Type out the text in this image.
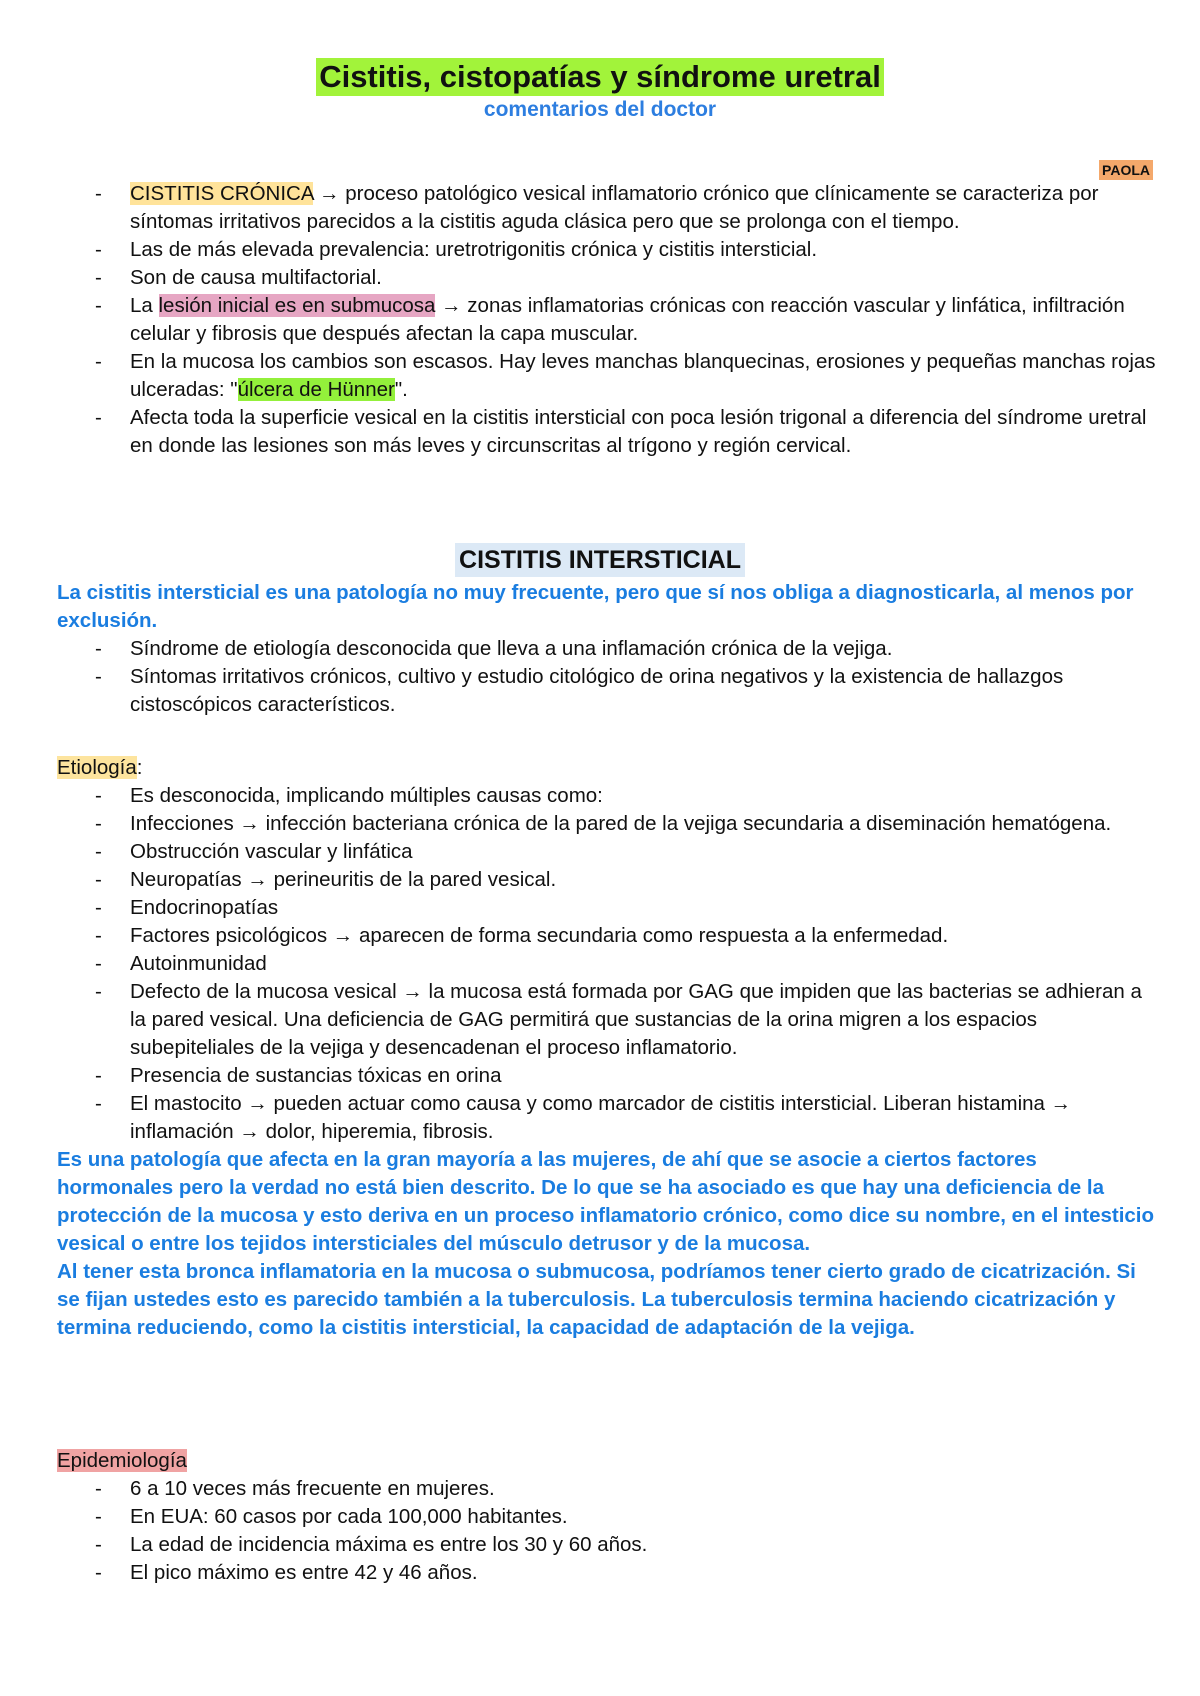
Cistitis, cistopatías y síndrome uretral
comentarios del doctor
PAOLA
- CISTITIS CRÓNICA → proceso patológico vesical inflamatorio crónico que clínicamente se caracteriza por síntomas irritativos parecidos a la cistitis aguda clásica pero que se prolonga con el tiempo.
- Las de más elevada prevalencia: uretrotrigonitis crónica y cistitis intersticial.
- Son de causa multifactorial.
- La lesión inicial es en submucosa → zonas inflamatorias crónicas con reacción vascular y linfática, infiltración celular y fibrosis que después afectan la capa muscular.
- En la mucosa los cambios son escasos. Hay leves manchas blanquecinas, erosiones y pequeñas manchas rojas ulceradas: "úlcera de Hünner".
- Afecta toda la superficie vesical en la cistitis intersticial con poca lesión trigonal a diferencia del síndrome uretral en donde las lesiones son más leves y circunscritas al trígono y región cervical.
CISTITIS INTERSTICIAL
La cistitis intersticial es una patología no muy frecuente, pero que sí nos obliga a diagnosticarla, al menos por exclusión.
- Síndrome de etiología desconocida que lleva a una inflamación crónica de la vejiga.
- Síntomas irritativos crónicos, cultivo y estudio citológico de orina negativos y la existencia de hallazgos cistoscópicos característicos.
Etiología:
- Es desconocida, implicando múltiples causas como:
- Infecciones → infección bacteriana crónica de la pared de la vejiga secundaria a diseminación hematógena.
- Obstrucción vascular y linfática
- Neuropatías → perineuritis de la pared vesical.
- Endocrinopatías
- Factores psicológicos → aparecen de forma secundaria como respuesta a la enfermedad.
- Autoinmunidad
- Defecto de la mucosa vesical → la mucosa está formada por GAG que impiden que las bacterias se adhieran a la pared vesical. Una deficiencia de GAG permitirá que sustancias de la orina migren a los espacios subepiteliales de la vejiga y desencadenan el proceso inflamatorio.
- Presencia de sustancias tóxicas en orina
- El mastocito → pueden actuar como causa y como marcador de cistitis intersticial. Liberan histamina → inflamación → dolor, hiperemia, fibrosis.
Es una patología que afecta en la gran mayoría a las mujeres, de ahí que se asocie a ciertos factores hormonales pero la verdad no está bien descrito. De lo que se ha asociado es que hay una deficiencia de la protección de la mucosa y esto deriva en un proceso inflamatorio crónico, como dice su nombre, en el intesticio vesical o entre los tejidos intersticiales del músculo detrusor y de la mucosa.
Al tener esta bronca inflamatoria en la mucosa o submucosa, podríamos tener cierto grado de cicatrización. Si se fijan ustedes esto es parecido también a la tuberculosis. La tuberculosis termina haciendo cicatrización y termina reduciendo, como la cistitis intersticial, la capacidad de adaptación de la vejiga.
Epidemiología
- 6 a 10 veces más frecuente en mujeres.
- En EUA: 60 casos por cada 100,000 habitantes.
- La edad de incidencia máxima es entre los 30 y 60 años.
- El pico máximo es entre 42 y 46 años.
